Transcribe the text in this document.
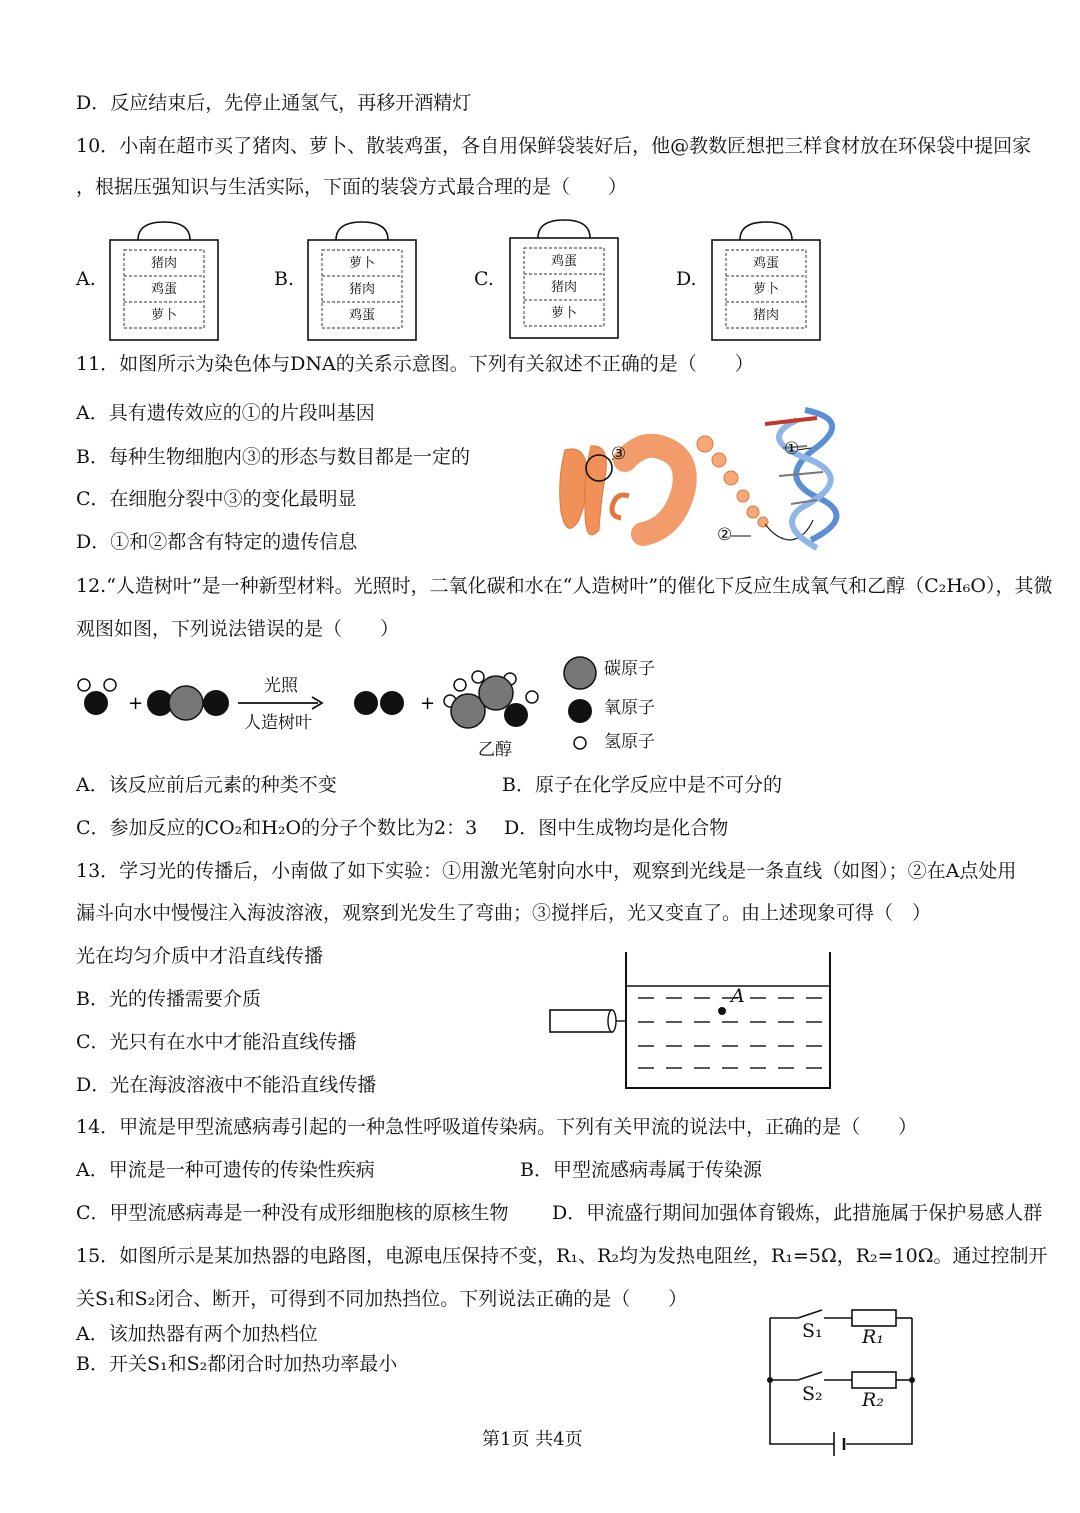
D．反应结束后，先停止通氢气，再移开酒精灯
10．小南在超市买了猪肉、萝卜、散装鸡蛋，各自用保鲜袋装好后，他@教数匠想把三样食材放在环保袋中提回家
，根据压强知识与生活实际，下面的装袋方式最合理的是（　　）
A.	B.	C.	D.
猪肉
鸡蛋
萝卜
萝卜
猪肉
鸡蛋
鸡蛋
猪肉
萝卜
鸡蛋
萝卜
猪肉
11．如图所示为染色体与DNA的关系示意图。下列有关叙述不正确的是（　　）
A．具有遗传效应的①的片段叫基因
B．每种生物细胞内③的形态与数目都是一定的
C．在细胞分裂中③的变化最明显
D．①和②都含有特定的遗传信息
①
②
③
12.“人造树叶”是一种新型材料。光照时，二氧化碳和水在“人造树叶”的催化下反应生成氧气和乙醇（C₂H₆O），其微
观图如图，下列说法错误的是（　　）
+	+
光照
人造树叶
乙醇
碳原子
氧原子
氢原子
A．该反应前后元素的种类不变	B．原子在化学反应中是不可分的
C．参加反应的CO₂和H₂O的分子个数比为2：3 D．图中生成物均是化合物
13．学习光的传播后，小南做了如下实验：①用激光笔射向水中，观察到光线是一条直线（如图）；②在A点处用
漏斗向水中慢慢注入海波溶液，观察到光发生了弯曲；③搅拌后，光又变直了。由上述现象可得（　）
光在均匀介质中才沿直线传播
B．光的传播需要介质
C．光只有在水中才能沿直线传播
D．光在海波溶液中不能沿直线传播
A
14．甲流是甲型流感病毒引起的一种急性呼吸道传染病。下列有关甲流的说法中，正确的是（　　）
A．甲流是一种可遗传的传染性疾病	B．甲型流感病毒属于传染源
C．甲型流感病毒是一种没有成形细胞核的原核生物 D．甲流盛行期间加强体育锻炼，此措施属于保护易感人群
15．如图所示是某加热器的电路图，电源电压保持不变，R₁、R₂均为发热电阻丝，R₁=5Ω，R₂=10Ω。通过控制开
关S₁和S₂闭合、断开，可得到不同加热挡位。下列说法正确的是（　　）
A．该加热器有两个加热档位
B．开关S₁和S₂都闭合时加热功率最小
S₁ R₁
S₂ R₂
第1页 共4页
